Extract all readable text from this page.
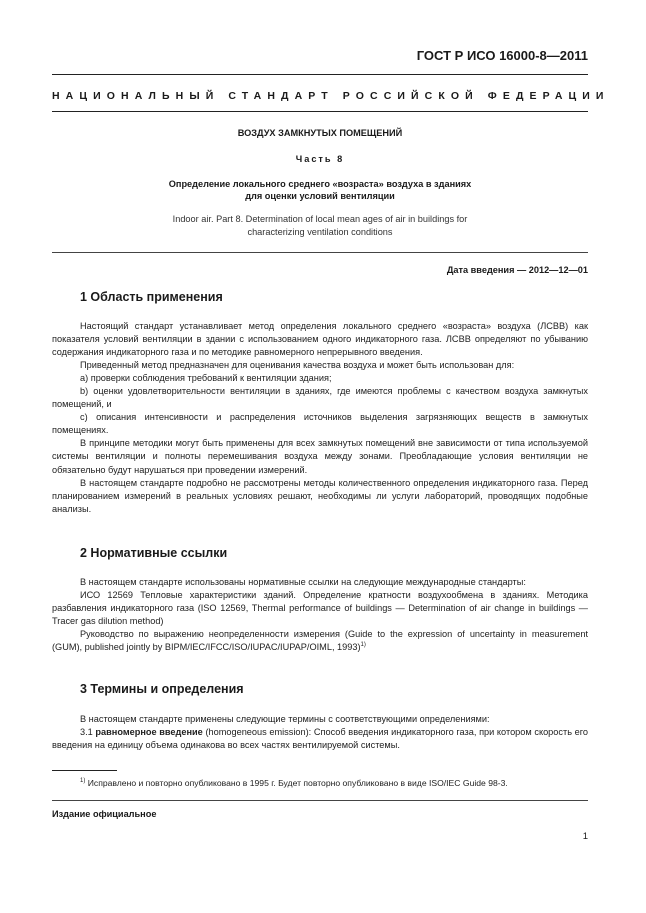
ГОСТ Р ИСО 16000-8—2011
НАЦИОНАЛЬНЫЙ СТАНДАРТ РОССИЙСКОЙ ФЕДЕРАЦИИ
ВОЗДУХ ЗАМКНУТЫХ ПОМЕЩЕНИЙ
Часть 8
Определение локального среднего «возраста» воздуха в зданиях
для оценки условий вентиляции
Indoor air. Part 8. Determination of local mean ages of air in buildings for
characterizing ventilation conditions
Дата введения — 2012—12—01
1 Область применения

Настоящий стандарт устанавливает метод определения локального среднего «возраста» воздуха (ЛСВВ) как показателя условий вентиляции в здании с использованием одного индикаторного газа. ЛСВВ определяют по убыванию содержания индикаторного газа и по методике равномерного непрерывного введения.

Приведенный метод предназначен для оценивания качества воздуха и может быть использован для:

а) проверки соблюдения требований к вентиляции здания;

b) оценки удовлетворительности вентиляции в зданиях, где имеются проблемы с качеством воздуха замкнутых помещений, и

c) описания интенсивности и распределения источников выделения загрязняющих веществ в замкнутых помещениях.

В принципе методики могут быть применены для всех замкнутых помещений вне зависимости от типа используемой системы вентиляции и полноты перемешивания воздуха между зонами. Преобладающие условия вентиляции не обязательно будут нарушаться при проведении измерений.

В настоящем стандарте подробно не рассмотрены методы количественного определения индикаторного газа. Перед планированием измерений в реальных условиях решают, необходимы ли услуги лабораторий, проводящих подобные анализы.

2 Нормативные ссылки

В настоящем стандарте использованы нормативные ссылки на следующие международные стандарты:

ИСО 12569 Тепловые характеристики зданий. Определение кратности воздухообмена в зданиях. Методика разбавления индикаторного газа (ISO 12569, Thermal performance of buildings — Determination of air change in buildings — Tracer gas dilution method)

Руководство по выражению неопределенности измерения (Guide to the expression of uncertainty in measurement (GUM), published jointly by BIPM/IEC/IFCC/ISO/IUPAC/IUPAP/OIML, 1993)$^{1)}$

3 Термины и определения

В настоящем стандарте применены следующие термины с соответствующими определениями:

3.1 равномерное введение (homogeneous emission): Способ введения индикаторного газа, при котором скорость его введения на единицу объема одинакова во всех частях вентилируемой системы.

$^{1)}$ Исправлено и повторно опубликовано в 1995 г. Будет повторно опубликовано в виде ISO/IEC Guide 98-3.
Издание официальное
1
